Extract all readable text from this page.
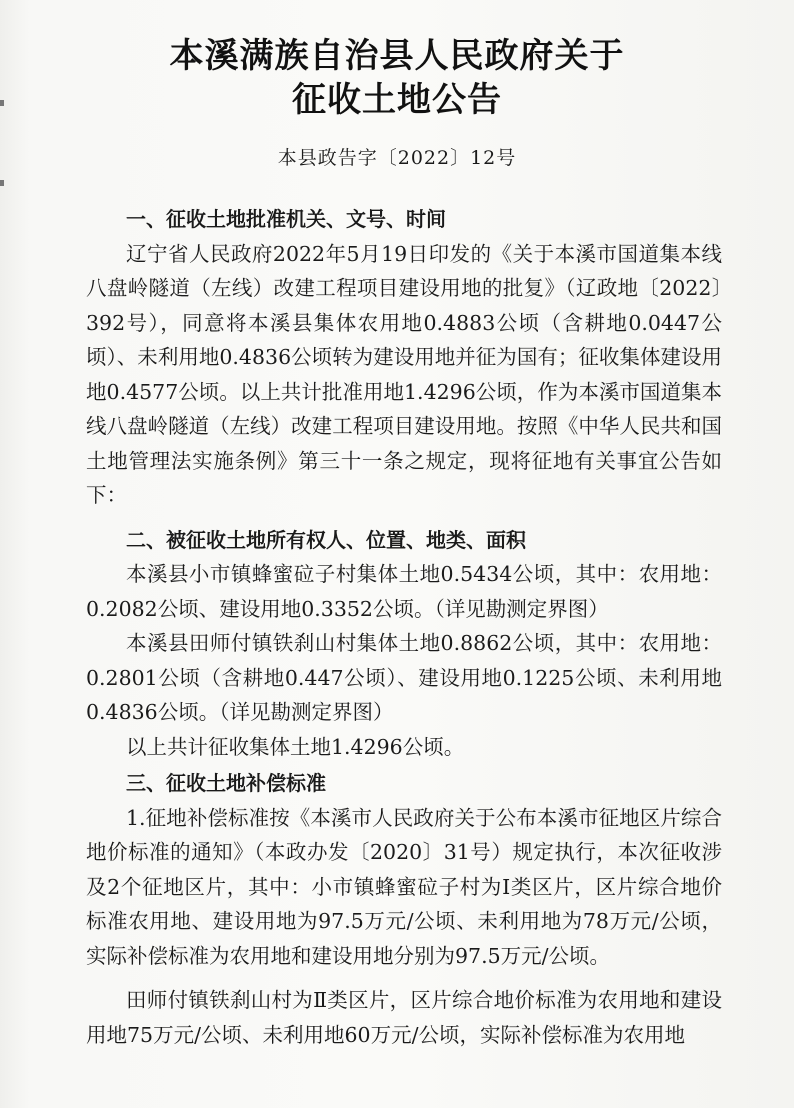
本溪满族自治县人民政府关于
征收土地公告
本县政告字〔2022〕12号

一、征收土地批准机关、文号、时间

辽宁省人民政府2022年5月19日印发的《关于本溪市国道集本线八盘岭隧道（左线）改建工程项目建设用地的批复》（辽政地〔2022〕392号），同意将本溪县集体农用地0.4883公顷（含耕地0.0447公顷）、未利用地0.4836公顷转为建设用地并征为国有；征收集体建设用地0.4577公顷。以上共计批准用地1.4296公顷，作为本溪市国道集本线八盘岭隧道（左线）改建工程项目建设用地。按照《中华人民共和国土地管理法实施条例》第三十一条之规定，现将征地有关事宜公告如下：

二、被征收土地所有权人、位置、地类、面积

本溪县小市镇蜂蜜砬子村集体土地0.5434公顷，其中：农用地：0.2082公顷、建设用地0.3352公顷。（详见勘测定界图）

本溪县田师付镇铁刹山村集体土地0.8862公顷，其中：农用地：0.2801公顷（含耕地0.447公顷）、建设用地0.1225公顷、未利用地0.4836公顷。（详见勘测定界图）

以上共计征收集体土地1.4296公顷。

三、征收土地补偿标准

1.征地补偿标准按《本溪市人民政府关于公布本溪市征地区片综合地价标准的通知》（本政办发〔2020〕31号）规定执行，本次征收涉及2个征地区片，其中：小市镇蜂蜜砬子村为Ⅰ类区片，区片综合地价标准农用地、建设用地为97.5万元/公顷、未利用地为78万元/公顷，实际补偿标准为农用地和建设用地分别为97.5万元/公顷。

田师付镇铁刹山村为Ⅱ类区片，区片综合地价标准为农用地和建设用地75万元/公顷、未利用地60万元/公顷，实际补偿标准为农用地
